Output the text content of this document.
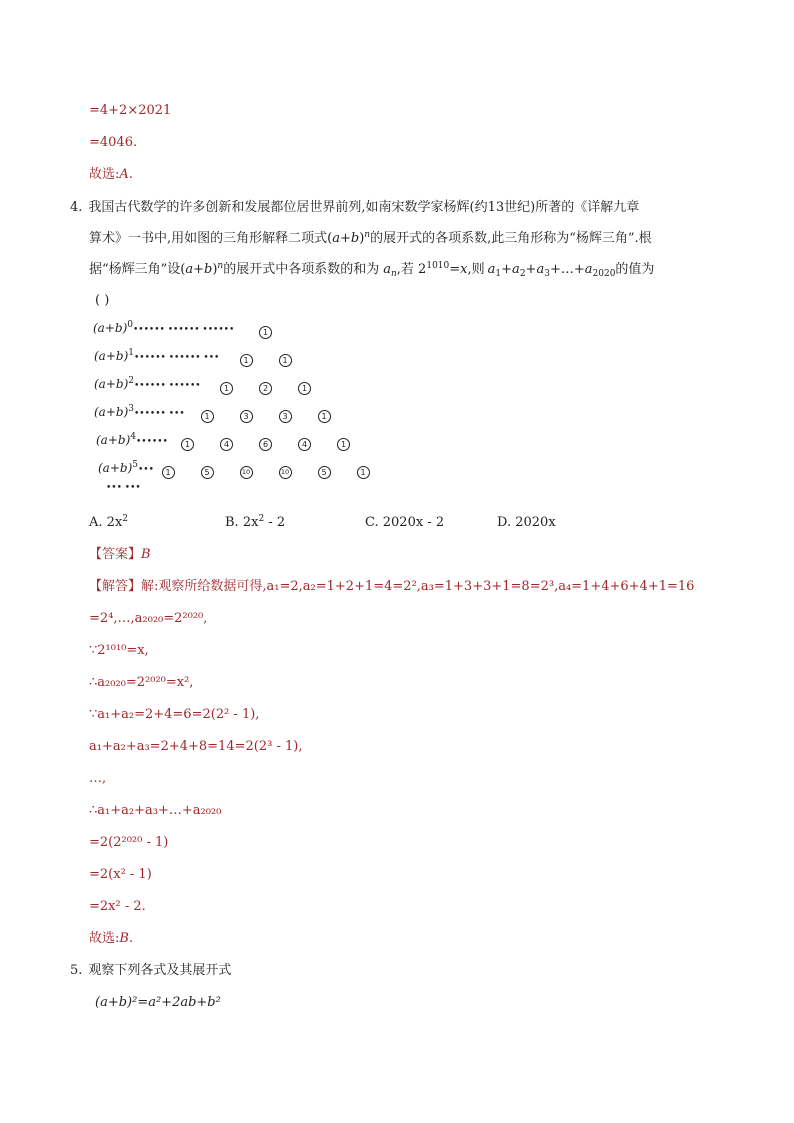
=4+2×2021
=4046.
故选:A.
4. 我国古代数学的许多创新和发展都位居世界前列,如南宋数学家杨辉(约13世纪)所著的《详解九章
算术》一书中,用如图的三角形解释二项式$(a+b)^n$的展开式的各项系数,此三角形称为“杨辉三角”.根
据“杨辉三角”设$(a+b)^n$的展开式中各项系数的和为 $a_n$,若 $2^{1010}=x$,则 $a_1+a_2+a_3+\dots+a_{2020}$的值为
( )
$(a+b)^0••••••$ •••••• ••••••	1
$(a+b)^1••••••$ •••••• •••	1	1
$(a+b)^2••••••$ ••••••	1	2	1
$(a+b)^3••••••$ •••	1	3	3	1
$(a+b)^4••••••$	1	4	6	4	1
$(a+b)^5•••$	1	5	10	10	5	1
••• •••
A. $2x^2$	B. $2x^2 - 2$	C. 2020x - 2	D. 2020x
【答案】B
【解答】解:观察所给数据可得,a₁=2,a₂=1+2+1=4=2²,a₃=1+3+3+1=8=2³,a₄=1+4+6+4+1=16
=2⁴,…,a₂₀₂₀=2²⁰²⁰,
∵2¹⁰¹⁰=x,
∴a₂₀₂₀=2²⁰²⁰=x²,
∵a₁+a₂=2+4=6=2(2² - 1),
a₁+a₂+a₃=2+4+8=14=2(2³ - 1),
…,
∴a₁+a₂+a₃+…+a₂₀₂₀
=2(2²⁰²⁰ - 1)
=2(x² - 1)
=2x² - 2.
故选:B.
5. 观察下列各式及其展开式
(a+b)²=a²+2ab+b²
